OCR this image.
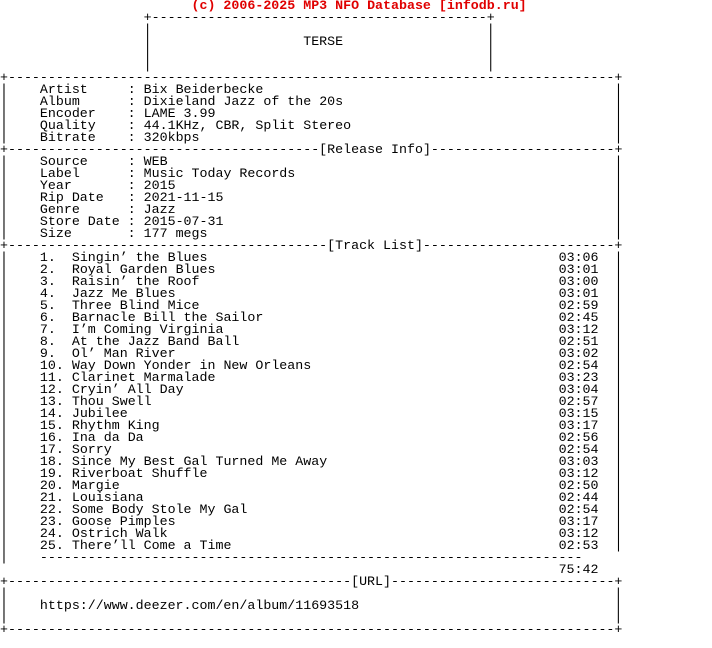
(c) 2006-2025 MP3 NFO Database [infodb.ru]
+------------------------------------------+
|                                          |
|                   TERSE                  |
|                                          |
|                                          |
+----------------------------------------------------------------------------+
|    Artist     : Bix Beiderbecke                                            |
|    Album      : Dixieland Jazz of the 20s                                  |
|    Encoder    : LAME 3.99                                                  |
|    Quality    : 44.1KHz, CBR, Split Stereo                                 |
|    Bitrate    : 320kbps                                                    |
+---------------------------------------[Release Info]-----------------------+
|    Source     : WEB                                                        |
|    Label      : Music Today Records                                        |
|    Year       : 2015                                                       |
|    Rip Date   : 2021-11-15                                                 |
|    Genre      : Jazz                                                       |
|    Store Date : 2015-07-31                                                 |
|    Size       : 177 megs                                                   |
+----------------------------------------[Track List]------------------------+
|    1. Singin’ the Blues	03:06  |
|    2. Royal Garden Blues	03:01  |
|    3. Raisin’ the Roof	03:00  |
|    4. Jazz Me Blues	03:01  |
|    5. Three Blind Mice	02:59  |
|    6. Barnacle Bill the Sailor	02:45  |
|    7. I’m Coming Virginia	03:12  |
|    8. At the Jazz Band Ball	02:51  |
|    9. Ol’ Man River	03:02  |
|    10. Way Down Yonder in New Orleans	02:54  |
|    11. Clarinet Marmalade	03:23  |
|    12. Cryin’ All Day	03:04  |
|    13. Thou Swell	02:57  |
|    14. Jubilee	03:15  |
|    15. Rhythm King	03:17  |
|    16. Ina da Da	02:56  |
|    17. Sorry	02:54  |
|    18. Since My Best Gal Turned Me Away	03:03  |
|    19. Riverboat Shuffle	03:12  |
|    20. Margie	02:50  |
|    21. Louisiana	02:44  |
|    22. Some Body Stole My Gal	02:54  |
|    23. Goose Pimples	03:17  |
|    24. Ostrich Walk	03:12  |
|    25. There’ll Come a Time	02:53  |
|    --------------------------------------------------------------------
75:42
+-------------------------------------------[URL]----------------------------+
|                                                                            |
|    https://www.deezer.com/en/album/11693518                                |
|                                                                            |
+----------------------------------------------------------------------------+
